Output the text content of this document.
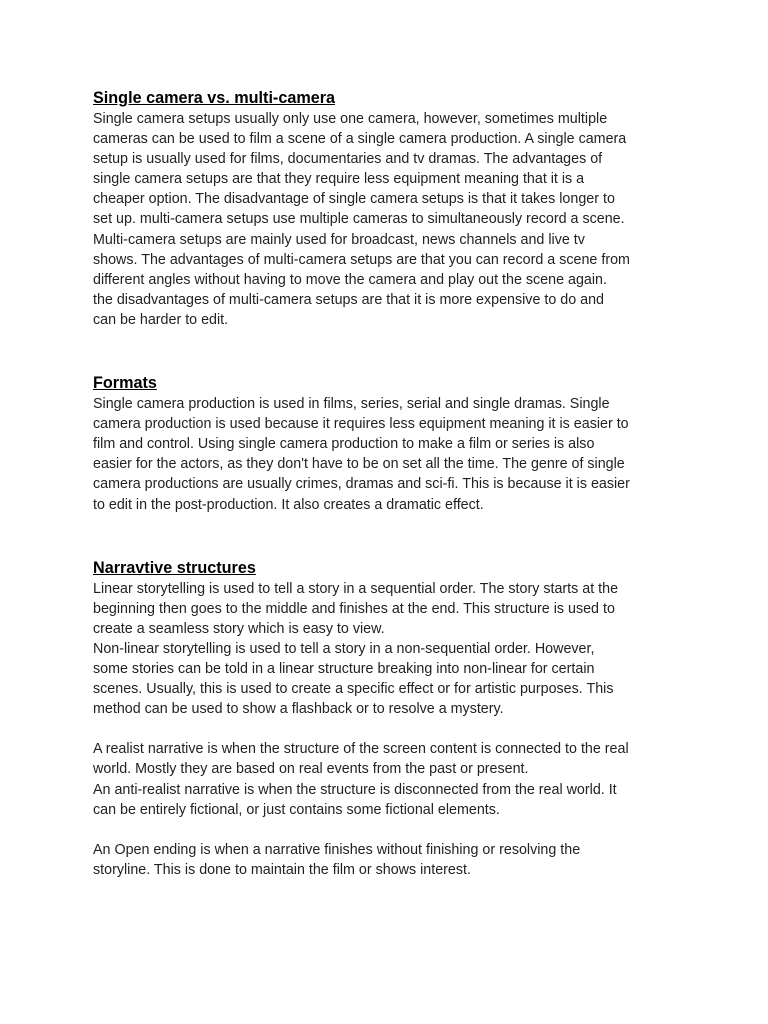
Single camera vs. multi-camera

Single camera setups usually only use one camera, however, sometimes multiple
cameras can be used to film a scene of a single camera production. A single camera
setup is usually used for films, documentaries and tv dramas. The advantages of
single camera setups are that they require less equipment meaning that it is a
cheaper option. The disadvantage of single camera setups is that it takes longer to
set up. multi-camera setups use multiple cameras to simultaneously record a scene.
Multi-camera setups are mainly used for broadcast, news channels and live tv
shows. The advantages of multi-camera setups are that you can record a scene from
different angles without having to move the camera and play out the scene again.
the disadvantages of multi-camera setups are that it is more expensive to do and
can be harder to edit.

Formats

Single camera production is used in films, series, serial and single dramas. Single
camera production is used because it requires less equipment meaning it is easier to
film and control. Using single camera production to make a film or series is also
easier for the actors, as they don't have to be on set all the time. The genre of single
camera productions are usually crimes, dramas and sci-fi. This is because it is easier
to edit in the post-production. It also creates a dramatic effect.

Narravtive structures

Linear storytelling is used to tell a story in a sequential order. The story starts at the
beginning then goes to the middle and finishes at the end. This structure is used to
create a seamless story which is easy to view.
Non-linear storytelling is used to tell a story in a non-sequential order. However,
some stories can be told in a linear structure breaking into non-linear for certain
scenes. Usually, this is used to create a specific effect or for artistic purposes. This
method can be used to show a flashback or to resolve a mystery.

A realist narrative is when the structure of the screen content is connected to the real
world. Mostly they are based on real events from the past or present.
An anti-realist narrative is when the structure is disconnected from the real world. It
can be entirely fictional, or just contains some fictional elements.

An Open ending is when a narrative finishes without finishing or resolving the
storyline. This is done to maintain the film or shows interest.
